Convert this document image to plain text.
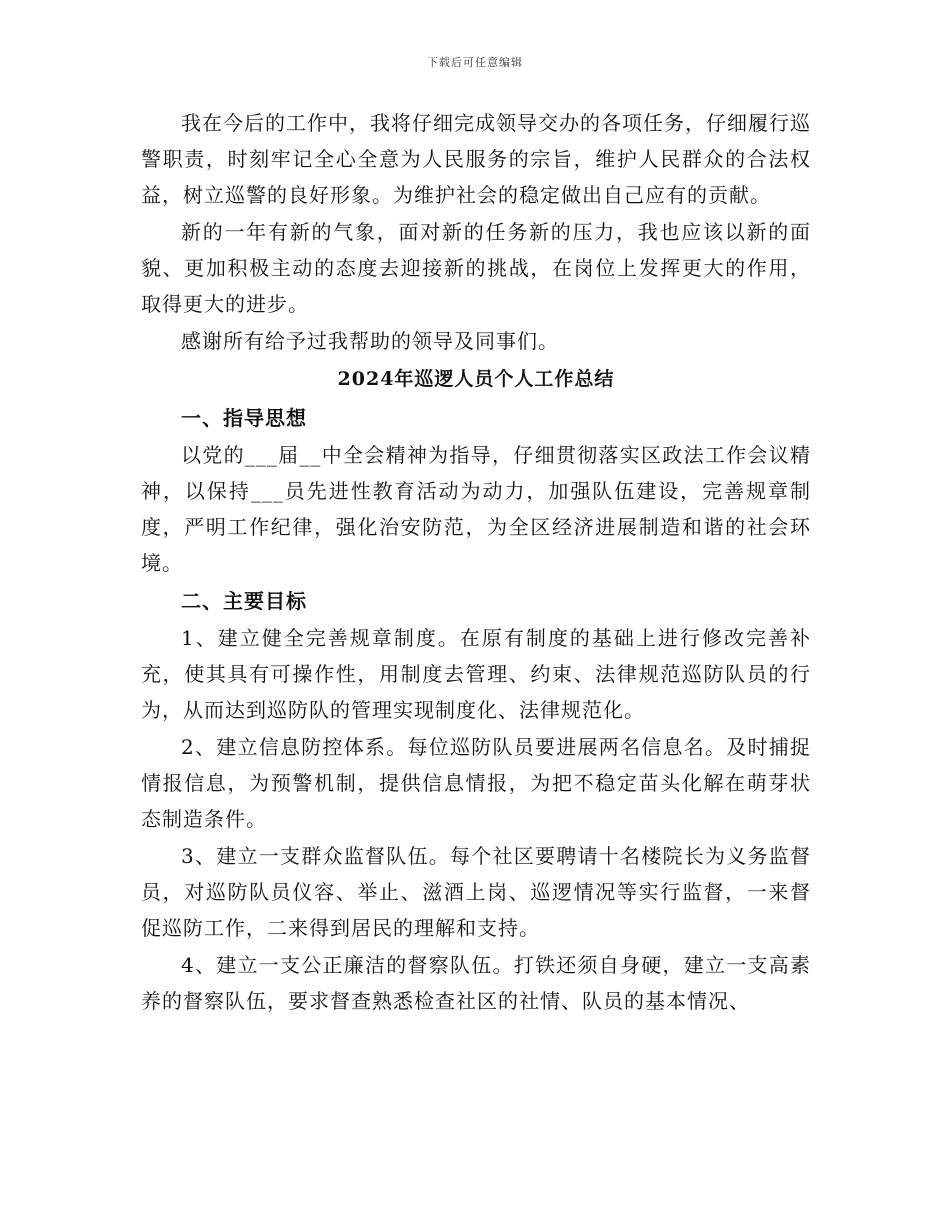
下载后可任意编辑

我在今后的工作中，我将仔细完成领导交办的各项任务，仔细履行巡警职责，时刻牢记全心全意为人民服务的宗旨，维护人民群众的合法权益，树立巡警的良好形象。为维护社会的稳定做出自己应有的贡献。

新的一年有新的气象，面对新的任务新的压力，我也应该以新的面貌、更加积极主动的态度去迎接新的挑战，在岗位上发挥更大的作用，取得更大的进步。

感谢所有给予过我帮助的领导及同事们。

2024年巡逻人员个人工作总结

一、指导思想

以党的___届__中全会精神为指导，仔细贯彻落实区政法工作会议精神，以保持___员先进性教育活动为动力，加强队伍建设，完善规章制度，严明工作纪律，强化治安防范，为全区经济进展制造和谐的社会环境。

二、主要目标

1、建立健全完善规章制度。在原有制度的基础上进行修改完善补充，使其具有可操作性，用制度去管理、约束、法律规范巡防队员的行为，从而达到巡防队的管理实现制度化、法律规范化。

2、建立信息防控体系。每位巡防队员要进展两名信息名。及时捕捉情报信息，为预警机制，提供信息情报，为把不稳定苗头化解在萌芽状态制造条件。

3、建立一支群众监督队伍。每个社区要聘请十名楼院长为义务监督员，对巡防队员仪容、举止、滋酒上岗、巡逻情况等实行监督，一来督促巡防工作，二来得到居民的理解和支持。

4、建立一支公正廉洁的督察队伍。打铁还须自身硬，建立一支高素养的督察队伍，要求督查熟悉检查社区的社情、队员的基本情况、
